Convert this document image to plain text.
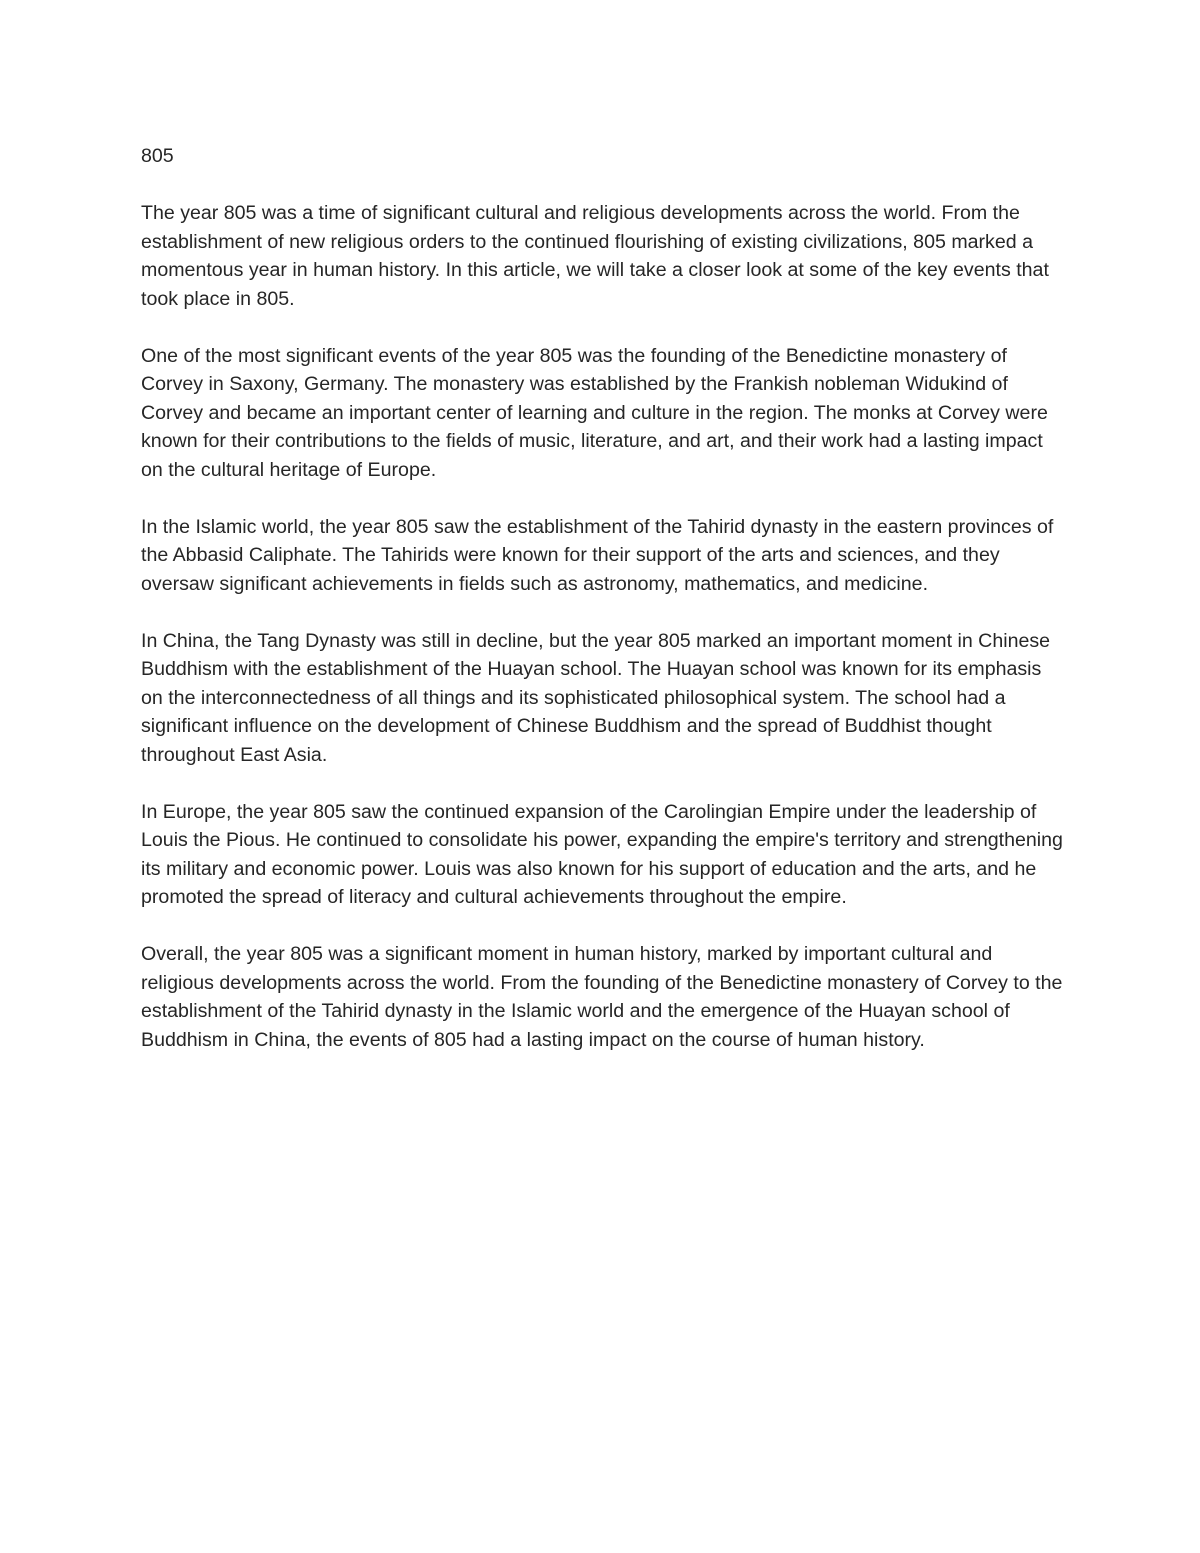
805

The year 805 was a time of significant cultural and religious developments across the world. From the establishment of new religious orders to the continued flourishing of existing civilizations, 805 marked a momentous year in human history. In this article, we will take a closer look at some of the key events that took place in 805.

One of the most significant events of the year 805 was the founding of the Benedictine monastery of Corvey in Saxony, Germany. The monastery was established by the Frankish nobleman Widukind of Corvey and became an important center of learning and culture in the region. The monks at Corvey were known for their contributions to the fields of music, literature, and art, and their work had a lasting impact on the cultural heritage of Europe.

In the Islamic world, the year 805 saw the establishment of the Tahirid dynasty in the eastern provinces of the Abbasid Caliphate. The Tahirids were known for their support of the arts and sciences, and they oversaw significant achievements in fields such as astronomy, mathematics, and medicine.

In China, the Tang Dynasty was still in decline, but the year 805 marked an important moment in Chinese Buddhism with the establishment of the Huayan school. The Huayan school was known for its emphasis on the interconnectedness of all things and its sophisticated philosophical system. The school had a significant influence on the development of Chinese Buddhism and the spread of Buddhist thought throughout East Asia.

In Europe, the year 805 saw the continued expansion of the Carolingian Empire under the leadership of Louis the Pious. He continued to consolidate his power, expanding the empire's territory and strengthening its military and economic power. Louis was also known for his support of education and the arts, and he promoted the spread of literacy and cultural achievements throughout the empire.

Overall, the year 805 was a significant moment in human history, marked by important cultural and religious developments across the world. From the founding of the Benedictine monastery of Corvey to the establishment of the Tahirid dynasty in the Islamic world and the emergence of the Huayan school of Buddhism in China, the events of 805 had a lasting impact on the course of human history.
